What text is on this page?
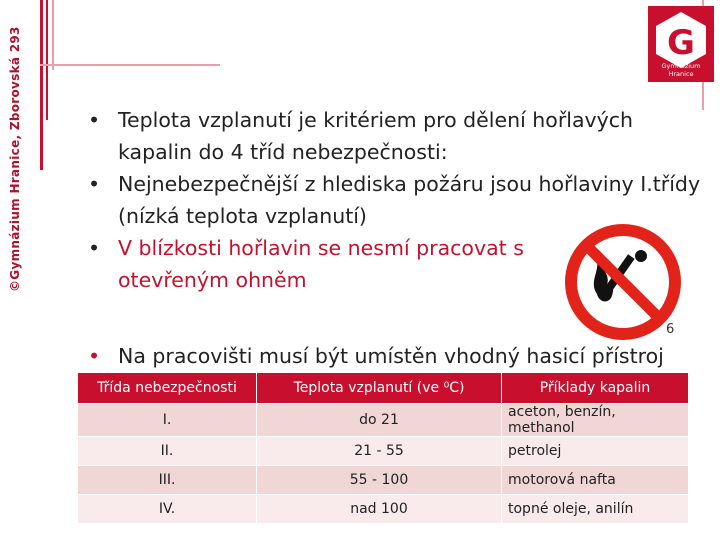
©Gymnázium Hranice, Zborovská 293	G
Gymnázium
Hranice

• Teplota vzplanutí je kritériem pro dělení hořlavých kapalin do 4 tříd nebezpečnosti:

• Nejnebezpečnější z hlediska požáru jsou hořlaviny I.třídy (nízká teplota vzplanutí)

• V blízkosti hořlavin se nesmí pracovat s otevřeným ohněm

6
• Na pracovišti musí být umístěn vhodný hasicí přístroj
Třída nebezpečnosti	Teplota vzplanutí (ve ⁰C)	Příklady kapalin
I.	do 21	aceton, benzín, methanol
II.	21 - 55	petrolej
III.	55 - 100	motorová nafta
IV.	nad 100	topné oleje, anilín
